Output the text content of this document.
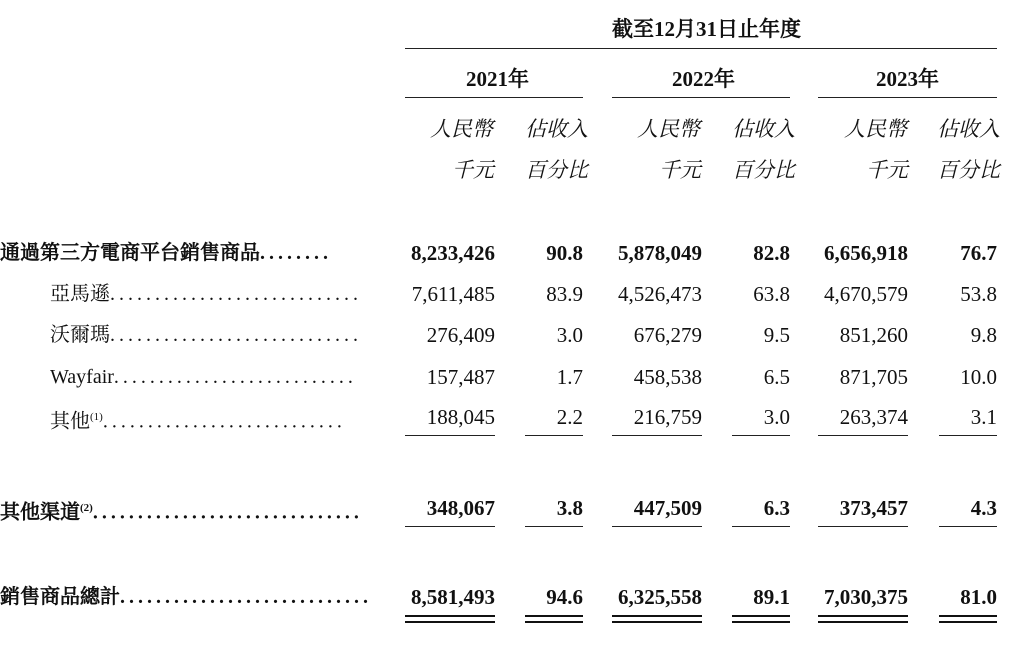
截至12月31日止年度
2021年	2022年	2023年
人民幣 佔收入 人民幣 佔收入 人民幣 佔收入
千元 百分比	千元 百分比	千元 百分比
通過第三方電商平台銷售商品........	8,233,426	90.8	5,878,049	82.8	6,656,918	76.7
亞馬遜............................	7,611,485	83.9	4,526,473	63.8	4,670,579	53.8
沃爾瑪............................	276,409	3.0	676,279	9.5	851,260	9.8
Wayfair...........................	157,487	1.7	458,538	6.5	871,705	10.0
其他$^{(1)}$...........................	188,045	2.2	216,759	3.0	263,374	3.1
其他渠道$^{(2)}$..............................	348,067	3.8	447,509	6.3	373,457	4.3
銷售商品總計............................	8,581,493	94.6	6,325,558	89.1	7,030,375	81.0
